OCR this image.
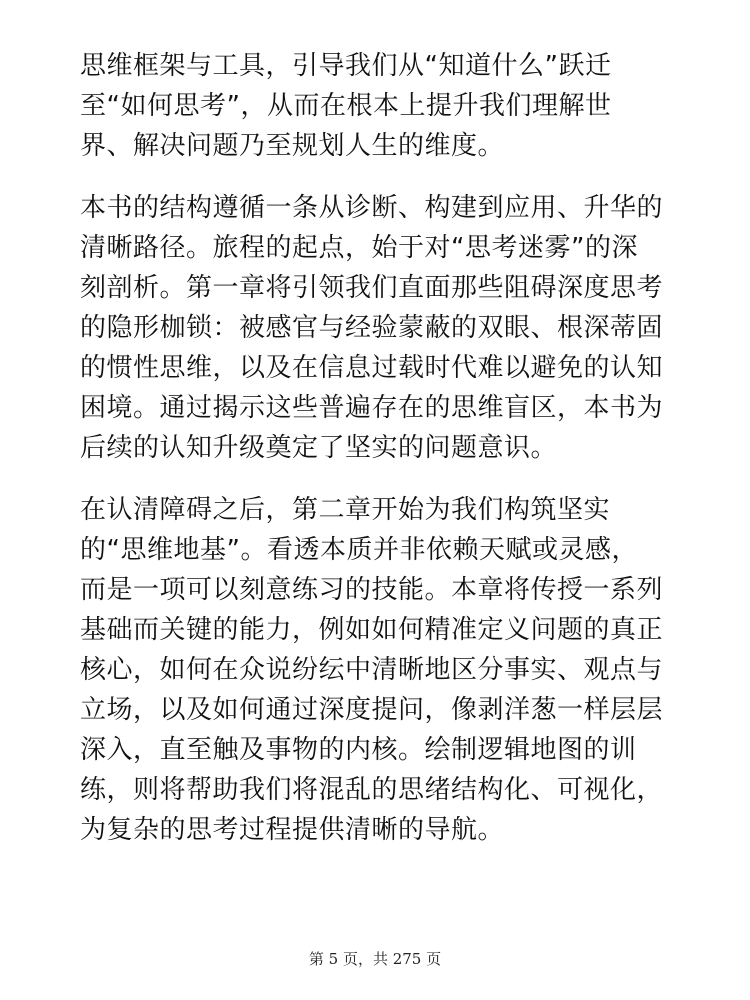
思维框架与工具，引导我们从“知道什么”跃迁
至“如何思考”，从而在根本上提升我们理解世
界、解决问题乃至规划人生的维度。
本书的结构遵循一条从诊断、构建到应用、升华的
清晰路径。旅程的起点，始于对“思考迷雾”的深
刻剖析。第一章将引领我们直面那些阻碍深度思考
的隐形枷锁：被感官与经验蒙蔽的双眼、根深蒂固
的惯性思维，以及在信息过载时代难以避免的认知
困境。通过揭示这些普遍存在的思维盲区，本书为
后续的认知升级奠定了坚实的问题意识。
在认清障碍之后，第二章开始为我们构筑坚实
的“思维地基”。看透本质并非依赖天赋或灵感，
而是一项可以刻意练习的技能。本章将传授一系列
基础而关键的能力，例如如何精准定义问题的真正
核心，如何在众说纷纭中清晰地区分事实、观点与
立场，以及如何通过深度提问，像剥洋葱一样层层
深入，直至触及事物的内核。绘制逻辑地图的训
练，则将帮助我们将混乱的思绪结构化、可视化，
为复杂的思考过程提供清晰的导航。
第 5 页，共 275 页
